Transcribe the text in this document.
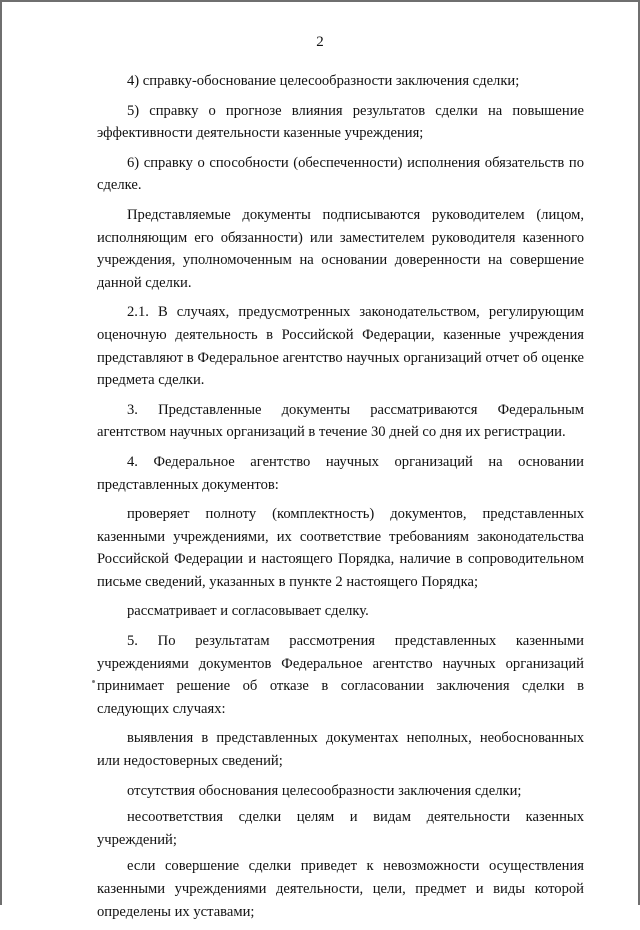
2

4) справку-обоснование целесообразности заключения сделки;

5) справку о прогнозе влияния результатов сделки на повышение эффективности деятельности казенные учреждения;

6) справку о способности (обеспеченности) исполнения обязательств по сделке.

Представляемые документы подписываются руководителем (лицом, исполняющим его обязанности) или заместителем руководителя казенного учреждения, уполномоченным на основании доверенности на совершение данной сделки.

2.1. В случаях, предусмотренных законодательством, регулирующим оценочную деятельность в Российской Федерации, казенные учреждения представляют в Федеральное агентство научных организаций отчет об оценке предмета сделки.

3. Представленные документы рассматриваются Федеральным агентством научных организаций в течение 30 дней со дня их регистрации.

4. Федеральное агентство научных организаций на основании представленных документов:

проверяет полноту (комплектность) документов, представленных казенными учреждениями, их соответствие требованиям законодательства Российской Федерации и настоящего Порядка, наличие в сопроводительном письме сведений, указанных в пункте 2 настоящего Порядка;

рассматривает и согласовывает сделку.

5. По результатам рассмотрения представленных казенными учреждениями документов Федеральное агентство научных организаций принимает решение об отказе в согласовании заключения сделки в следующих случаях:

выявления в представленных документах неполных, необоснованных или недостоверных сведений;

отсутствия обоснования целесообразности заключения сделки;

несоответствия сделки целям и видам деятельности казенных учреждений;

если совершение сделки приведет к невозможности осуществления казенными учреждениями деятельности, цели, предмет и виды которой определены их уставами;
